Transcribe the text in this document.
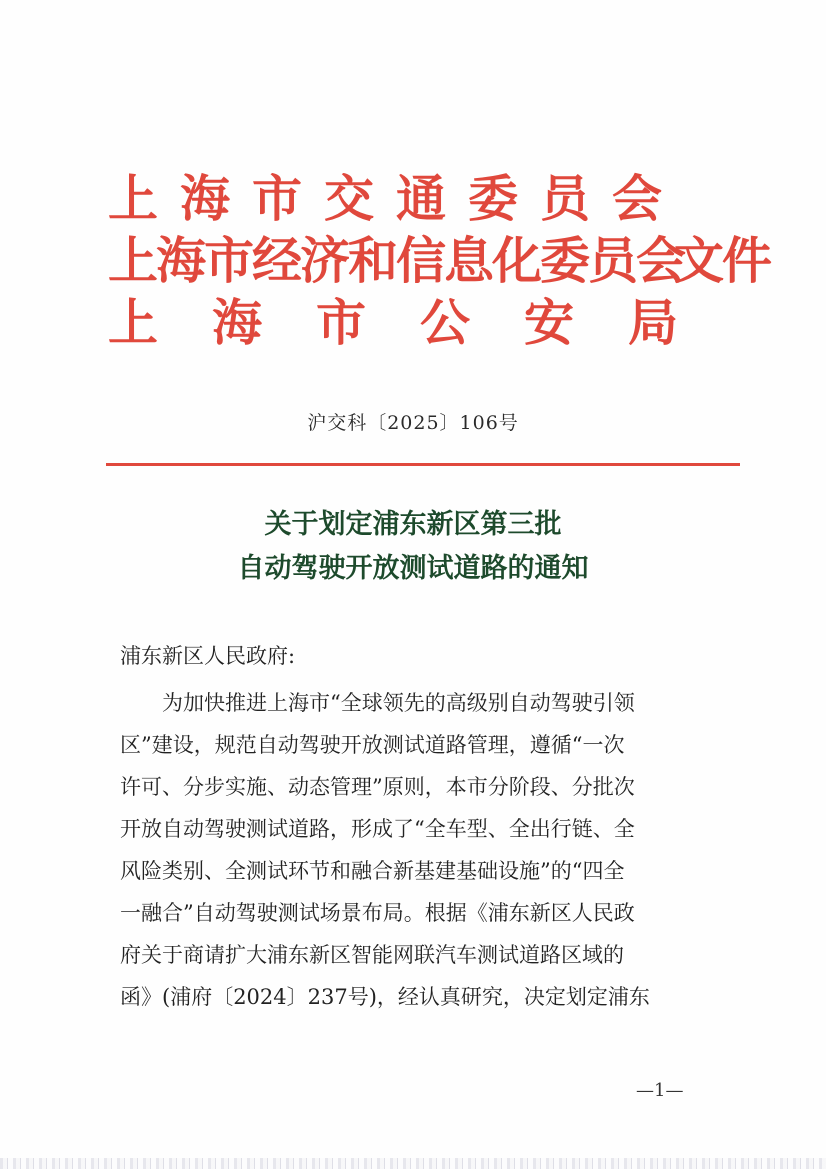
上海市交通委员会
上海市经济和信息化委员会
文件
上海市公安局
沪交科〔2025〕106号
关于划定浦东新区第三批
自动驾驶开放测试道路的通知
浦东新区人民政府:
为加快推进上海市“全球领先的高级别自动驾驶引领
区”建设，规范自动驾驶开放测试道路管理，遵循“一次
许可、分步实施、动态管理”原则，本市分阶段、分批次
开放自动驾驶测试道路，形成了“全车型、全出行链、全
风险类别、全测试环节和融合新基建基础设施”的“四全
一融合”自动驾驶测试场景布局。根据《浦东新区人民政
府关于商请扩大浦东新区智能网联汽车测试道路区域的
函》(浦府〔2024〕237号)，经认真研究，决定划定浦东
—1—
